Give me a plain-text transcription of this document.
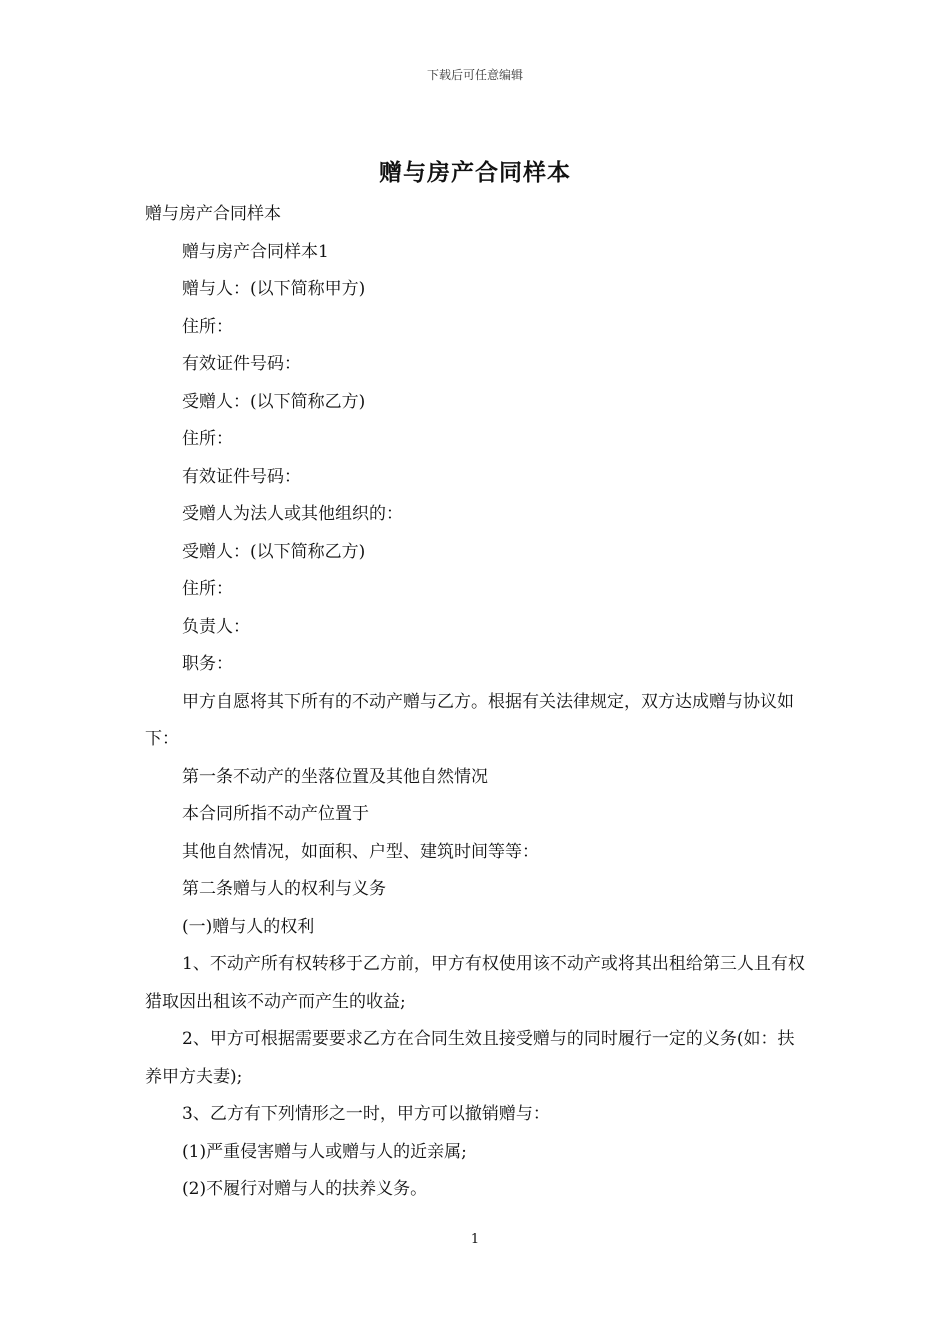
下载后可任意编辑
赠与房产合同样本

赠与房产合同样本

赠与房产合同样本1

赠与人：(以下简称甲方)

住所：

有效证件号码：

受赠人：(以下简称乙方)

住所：

有效证件号码：

受赠人为法人或其他组织的：

受赠人：(以下简称乙方)

住所：

负责人：

职务：

甲方自愿将其下所有的不动产赠与乙方。根据有关法律规定，双方达成赠与协议如下：

第一条不动产的坐落位置及其他自然情况

本合同所指不动产位置于

其他自然情况，如面积、户型、建筑时间等等：

第二条赠与人的权利与义务

(一)赠与人的权利

1、不动产所有权转移于乙方前，甲方有权使用该不动产或将其出租给第三人且有权猎取因出租该不动产而产生的收益;

2、甲方可根据需要要求乙方在合同生效且接受赠与的同时履行一定的义务(如：扶养甲方夫妻);

3、乙方有下列情形之一时，甲方可以撤销赠与：

(1)严重侵害赠与人或赠与人的近亲属;

(2)不履行对赠与人的扶养义务。

1
